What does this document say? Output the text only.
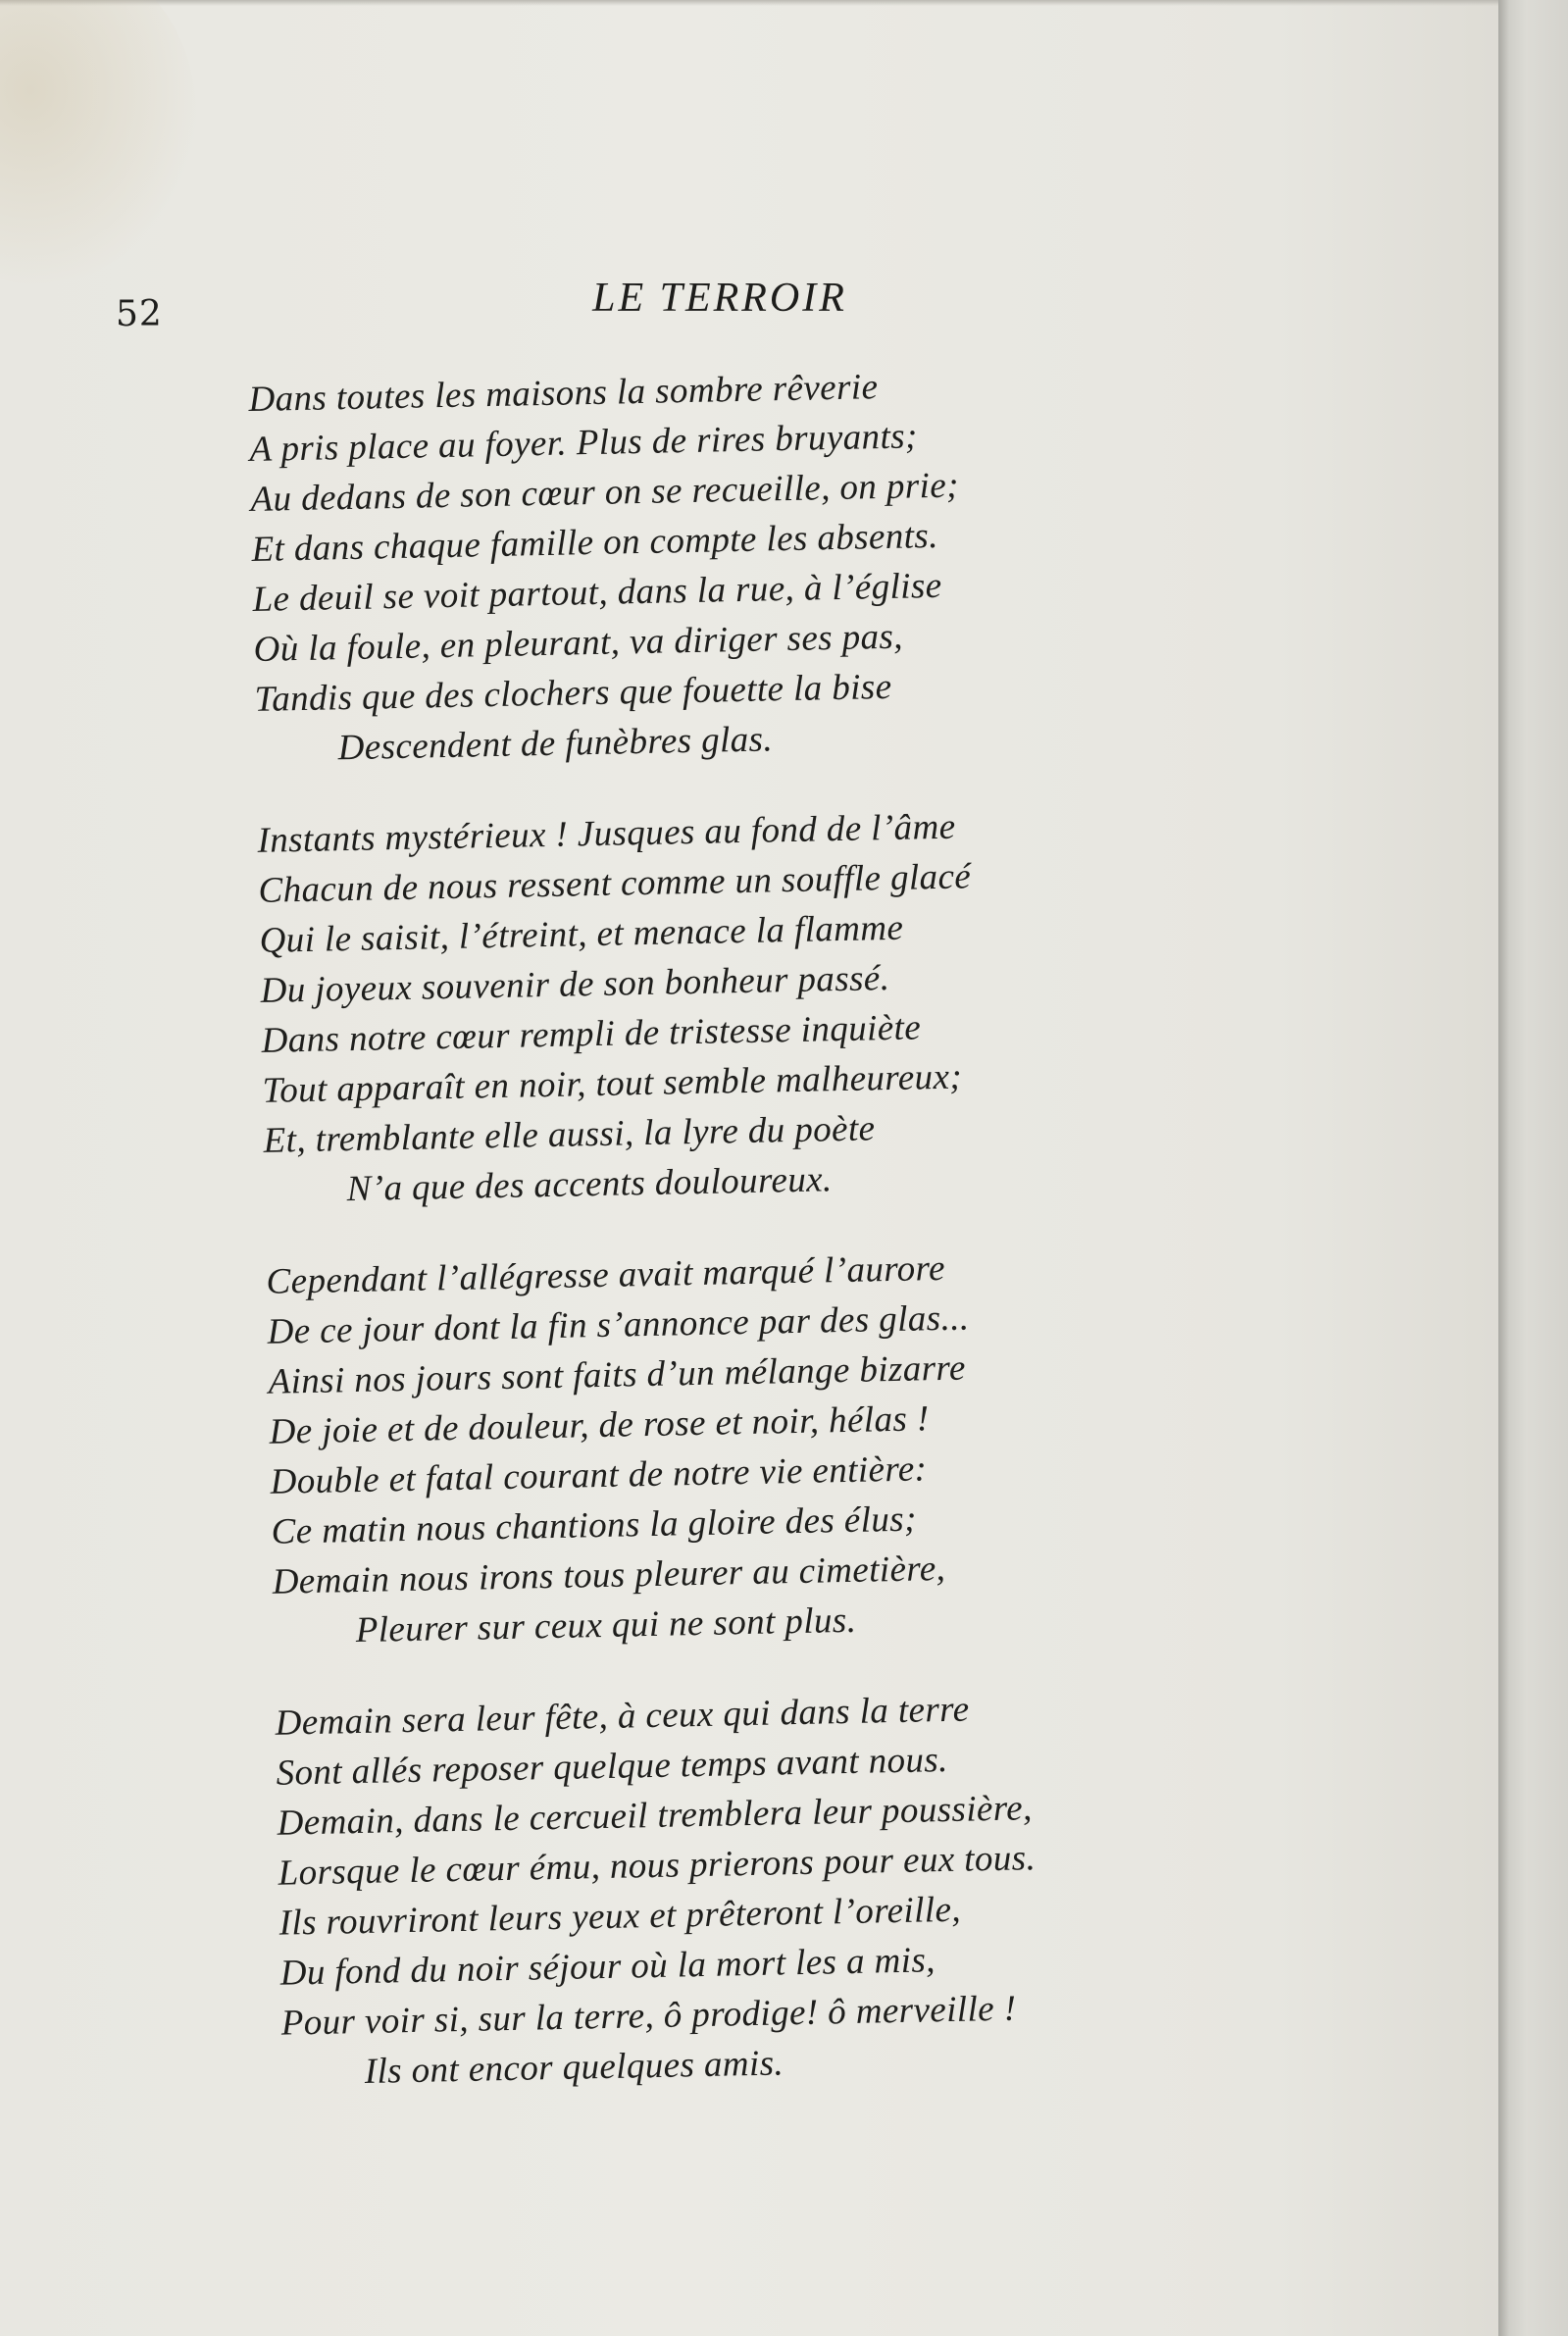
52	LE TERROIR
Dans toutes les maisons la sombre rêverie
A pris place au foyer. Plus de rires bruyants;
Au dedans de son cœur on se recueille, on prie;
Et dans chaque famille on compte les absents.
Le deuil se voit partout, dans la rue, à l’église
Où la foule, en pleurant, va diriger ses pas,
Tandis que des clochers que fouette la bise
Descendent de funèbres glas.
Instants mystérieux ! Jusques au fond de l’âme
Chacun de nous ressent comme un souffle glacé
Qui le saisit, l’étreint, et menace la flamme
Du joyeux souvenir de son bonheur passé.
Dans notre cœur rempli de tristesse inquiète
Tout apparaît en noir, tout semble malheureux;
Et, tremblante elle aussi, la lyre du poète
N’a que des accents douloureux.
Cependant l’allégresse avait marqué l’aurore
De ce jour dont la fin s’annonce par des glas...
Ainsi nos jours sont faits d’un mélange bizarre
De joie et de douleur, de rose et noir, hélas !
Double et fatal courant de notre vie entière:
Ce matin nous chantions la gloire des élus;
Demain nous irons tous pleurer au cimetière,
Pleurer sur ceux qui ne sont plus.
Demain sera leur fête, à ceux qui dans la terre
Sont allés reposer quelque temps avant nous.
Demain, dans le cercueil tremblera leur poussière,
Lorsque le cœur ému, nous prierons pour eux tous.
Ils rouvriront leurs yeux et prêteront l’oreille,
Du fond du noir séjour où la mort les a mis,
Pour voir si, sur la terre, ô prodige! ô merveille !
Ils ont encor quelques amis.
